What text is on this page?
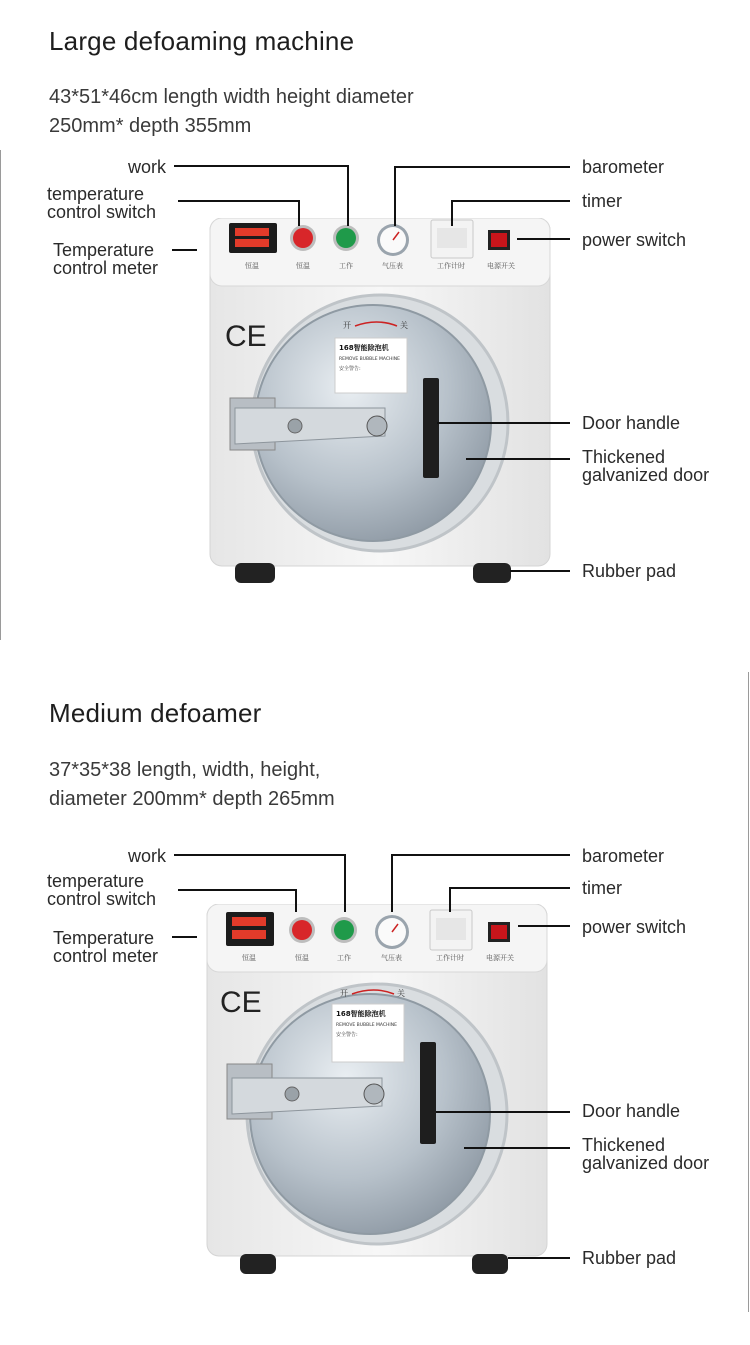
Large defoaming machine
43*51*46cm length width height diameter
250mm* depth 355mm
恒温	恒温	工作	气压表	工作计时	电源开关
CE	168智能除泡机
REMOVE BUBBLE MACHINE
安全警告:
开	关
work
temperature
control switch
Temperature
control meter
barometer
timer
power switch
Door handle
Thickened
galvanized door
Rubber pad
Medium defoamer
37*35*38 length, width, height,
diameter 200mm* depth 265mm
恒温	恒温	工作	气压表	工作计时	电源开关
CE	168智能除泡机
REMOVE BUBBLE MACHINE
安全警告:
开	关
work
temperature
control switch
Temperature
control meter
barometer
timer
power switch
Door handle
Thickened
galvanized door
Rubber pad
